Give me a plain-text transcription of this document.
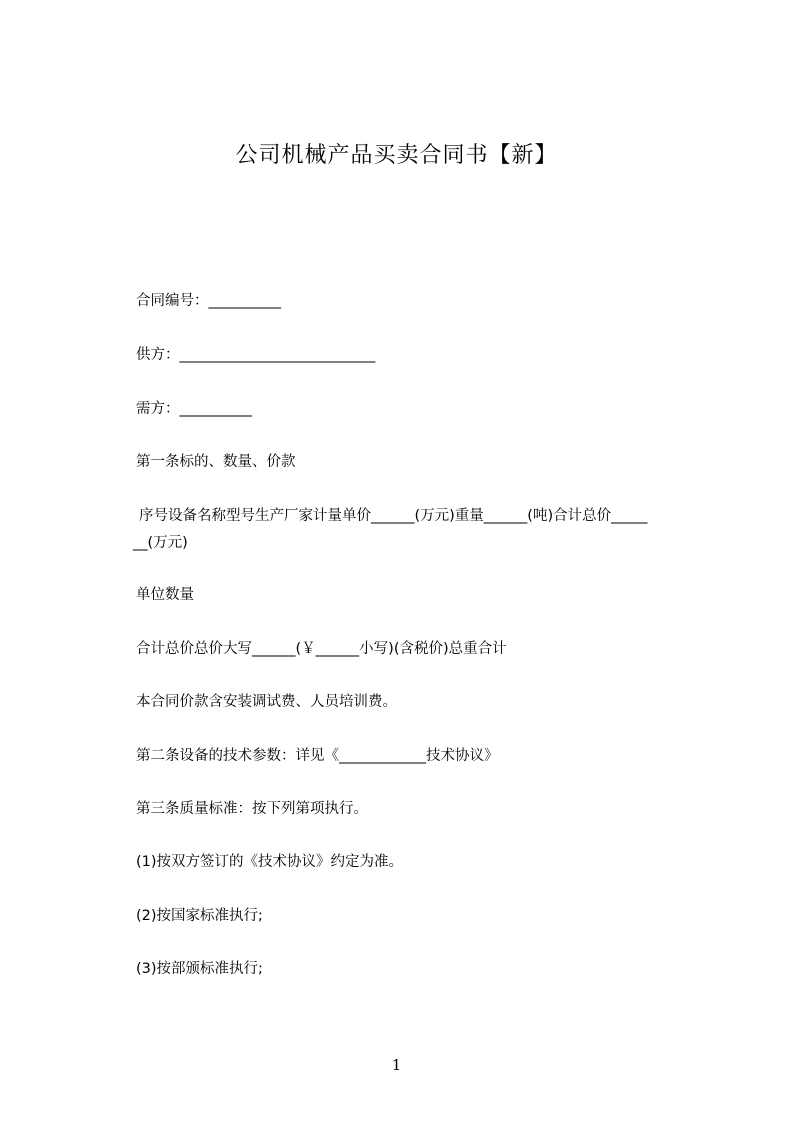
公司机械产品买卖合同书【新】
合同编号：__________
供方：___________________________
需方：__________
第一条标的、数量、价款
序号设备名称型号生产厂家计量单价______(万元)重量______(吨)合计总价_____
__(万元)
单位数量
合计总价总价大写______(￥______小写)(含税价)总重合计
本合同价款含安装调试费、人员培训费。
第二条设备的技术参数：详见《____________技术协议》
第三条质量标准：按下列第项执行。
(1)按双方签订的《技术协议》约定为准。
(2)按国家标准执行;
(3)按部颁标准执行;
1
